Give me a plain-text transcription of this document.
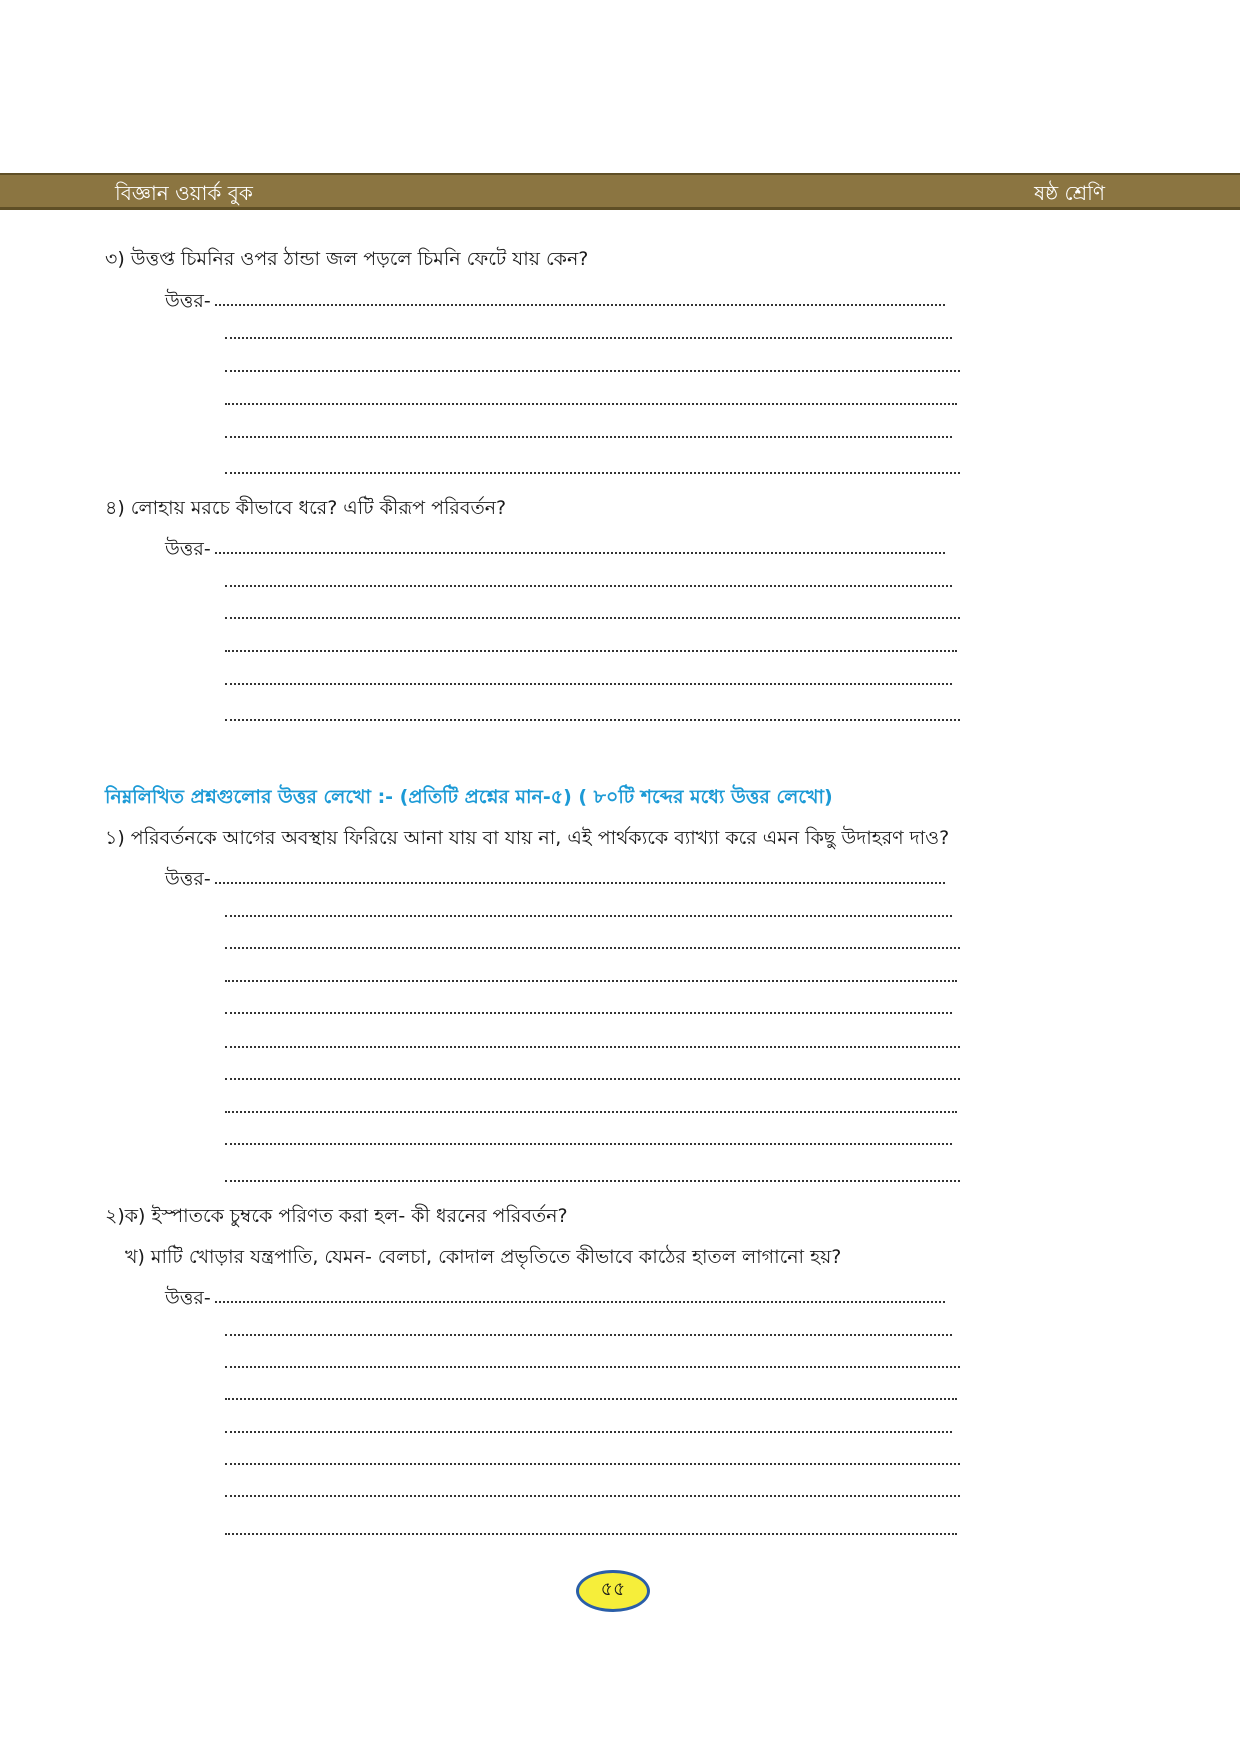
বিজ্ঞান ওয়ার্ক বুক	ষষ্ঠ শ্রেণি
৩) উত্তপ্ত চিমনির ওপর ঠান্ডা জল পড়লে চিমনি ফেটে যায় কেন?
উত্তর-
৪) লোহায় মরচে কীভাবে ধরে? এটি কীরূপ পরিবর্তন?
উত্তর-
নিম্নলিখিত প্রশ্নগুলোর উত্তর লেখো :- (প্রতিটি প্রশ্নের মান-৫) ( ৮০টি শব্দের মধ্যে উত্তর লেখো)
১) পরিবর্তনকে আগের অবস্থায় ফিরিয়ে আনা যায় বা যায় না, এই পার্থক্যকে ব্যাখ্যা করে এমন কিছু উদাহরণ দাও?
উত্তর-
২)ক) ইস্পাতকে চুম্বকে পরিণত করা হল- কী ধরনের পরিবর্তন?
খ) মাটি খোড়ার যন্ত্রপাতি, যেমন- বেলচা, কোদাল প্রভৃতিতে কীভাবে কাঠের হাতল লাগানো হয়?
উত্তর-
৫৫
